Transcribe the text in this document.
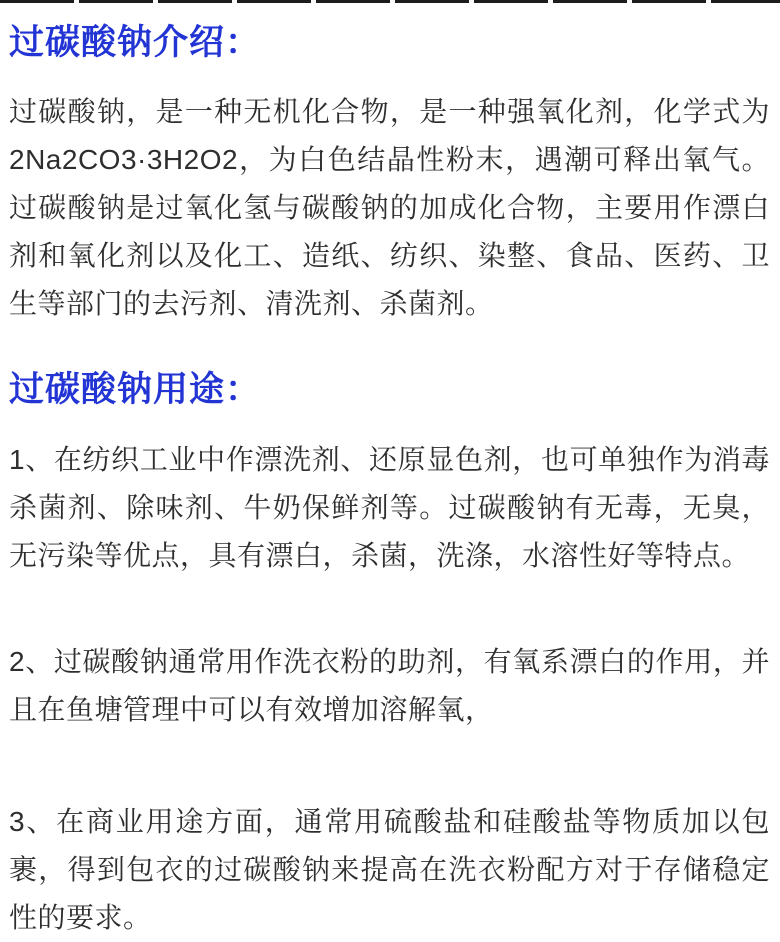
过碳酸钠介绍：

过碳酸钠，是一种无机化合物，是一种强氧化剂，化学式为2Na2CO3·3H2O2，为白色结晶性粉末，遇潮可释出氧气。过碳酸钠是过氧化氢与碳酸钠的加成化合物，主要用作漂白剂和氧化剂以及化工、造纸、纺织、染整、食品、医药、卫生等部门的去污剂、清洗剂、杀菌剂。

过碳酸钠用途：

1、在纺织工业中作漂洗剂、还原显色剂，也可单独作为消毒杀菌剂、除味剂、牛奶保鲜剂等。过碳酸钠有无毒，无臭，无污染等优点，具有漂白，杀菌，洗涤，水溶性好等特点。

2、过碳酸钠通常用作洗衣粉的助剂，有氧系漂白的作用，并且在鱼塘管理中可以有效增加溶解氧，

3、在商业用途方面，通常用硫酸盐和硅酸盐等物质加以包裹，得到包衣的过碳酸钠来提高在洗衣粉配方对于存储稳定性的要求。
